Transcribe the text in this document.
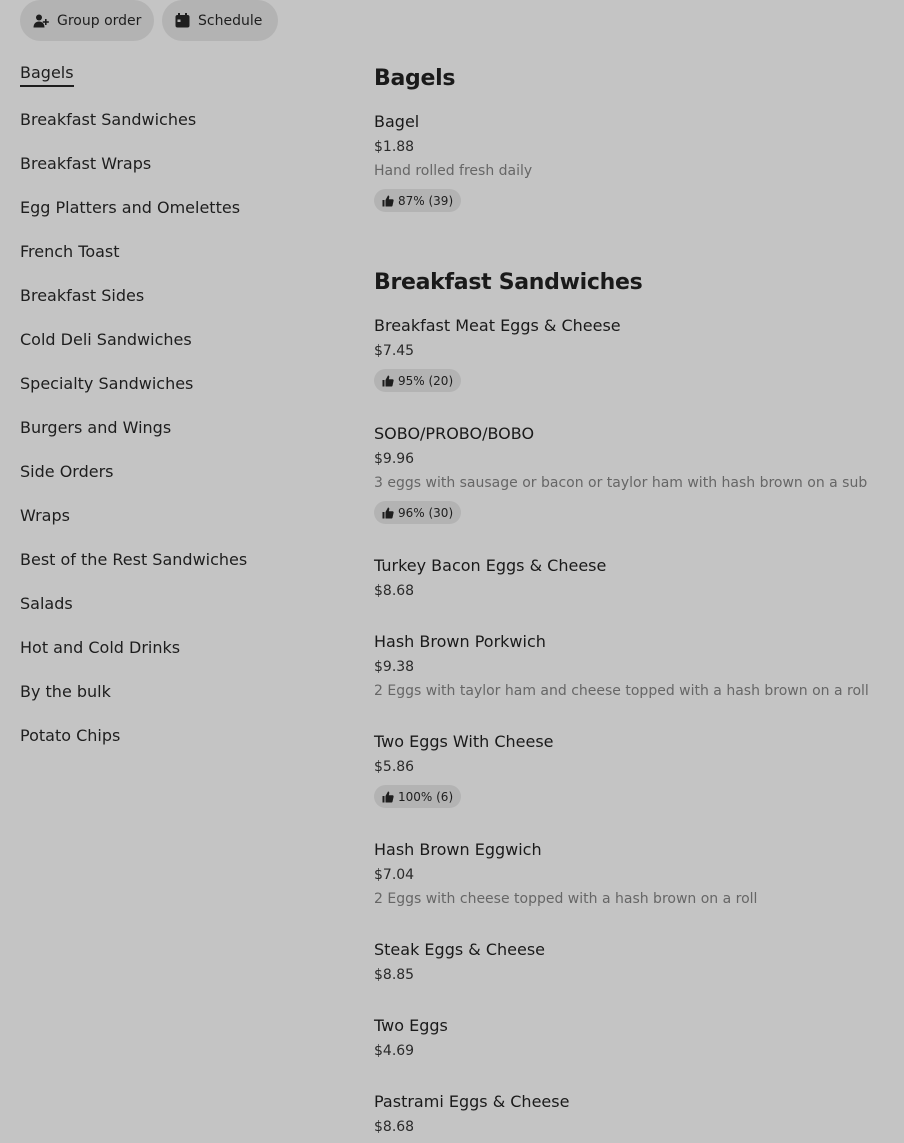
Group order	Schedule
Bagels
Breakfast Sandwiches
Breakfast Wraps
Egg Platters and Omelettes
French Toast
Breakfast Sides
Cold Deli Sandwiches
Specialty Sandwiches
Burgers and Wings
Side Orders
Wraps
Best of the Rest Sandwiches
Salads
Hot and Cold Drinks
By the bulk
Potato Chips
Bagels
Bagel
$1.88
Hand rolled fresh daily
87% (39)
Breakfast Sandwiches
Breakfast Meat Eggs & Cheese
$7.45
95% (20)
SOBO/PROBO/BOBO
$9.96
3 eggs with sausage or bacon or taylor ham with hash brown on a sub
96% (30)
Turkey Bacon Eggs & Cheese
$8.68
Hash Brown Porkwich
$9.38
2 Eggs with taylor ham and cheese topped with a hash brown on a roll
Two Eggs With Cheese
$5.86
100% (6)
Hash Brown Eggwich
$7.04
2 Eggs with cheese topped with a hash brown on a roll
Steak Eggs & Cheese
$8.85
Two Eggs
$4.69
Pastrami Eggs & Cheese
$8.68
